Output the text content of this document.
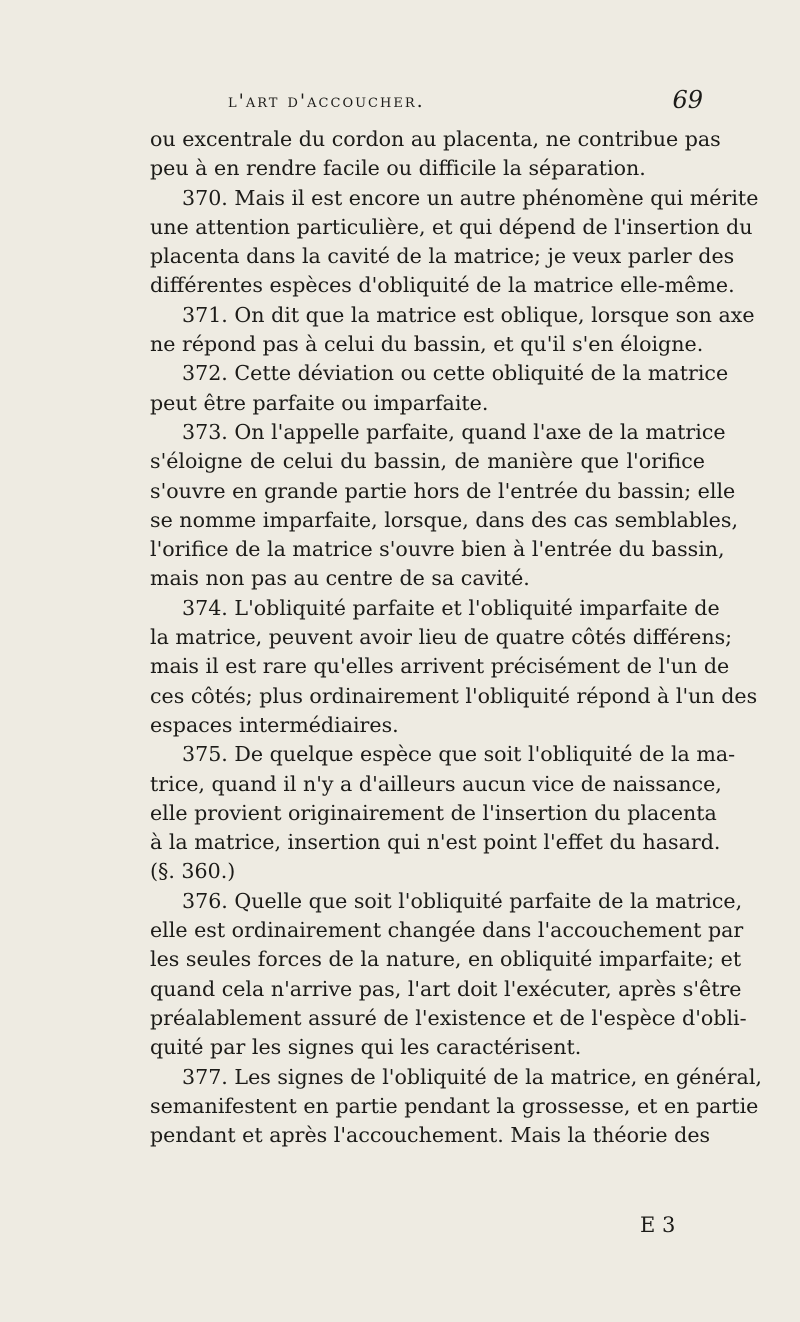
l'art d'accoucher.	69
ou excentrale du cordon au placenta, ne contribue pas
peu à en rendre facile ou difficile la séparation.
370. Mais il est encore un autre phénomène qui mérite
une attention particulière, et qui dépend de l'insertion du
placenta dans la cavité de la matrice; je veux parler des
différentes espèces d'obliquité de la matrice elle-même.
371. On dit que la matrice est oblique, lorsque son axe
ne répond pas à celui du bassin, et qu'il s'en éloigne.
372. Cette déviation ou cette obliquité de la matrice
peut être parfaite ou imparfaite.
373. On l'appelle parfaite, quand l'axe de la matrice
s'éloigne de celui du bassin, de manière que l'orifice
s'ouvre en grande partie hors de l'entrée du bassin; elle
se nomme imparfaite, lorsque, dans des cas semblables,
l'orifice de la matrice s'ouvre bien à l'entrée du bassin,
mais non pas au centre de sa cavité.
374. L'obliquité parfaite et l'obliquité imparfaite de
la matrice, peuvent avoir lieu de quatre côtés différens;
mais il est rare qu'elles arrivent précisément de l'un de
ces côtés; plus ordinairement l'obliquité répond à l'un des
espaces intermédiaires.
375. De quelque espèce que soit l'obliquité de la ma-
trice, quand il n'y a d'ailleurs aucun vice de naissance,
elle provient originairement de l'insertion du placenta
à la matrice, insertion qui n'est point l'effet du hasard.
(§. 360.)
376. Quelle que soit l'obliquité parfaite de la matrice,
elle est ordinairement changée dans l'accouchement par
les seules forces de la nature, en obliquité imparfaite; et
quand cela n'arrive pas, l'art doit l'exécuter, après s'être
préalablement assuré de l'existence et de l'espèce d'obli-
quité par les signes qui les caractérisent.
377. Les signes de l'obliquité de la matrice, en général,
semanifestent en partie pendant la grossesse, et en partie
pendant et après l'accouchement. Mais la théorie des
E 3
